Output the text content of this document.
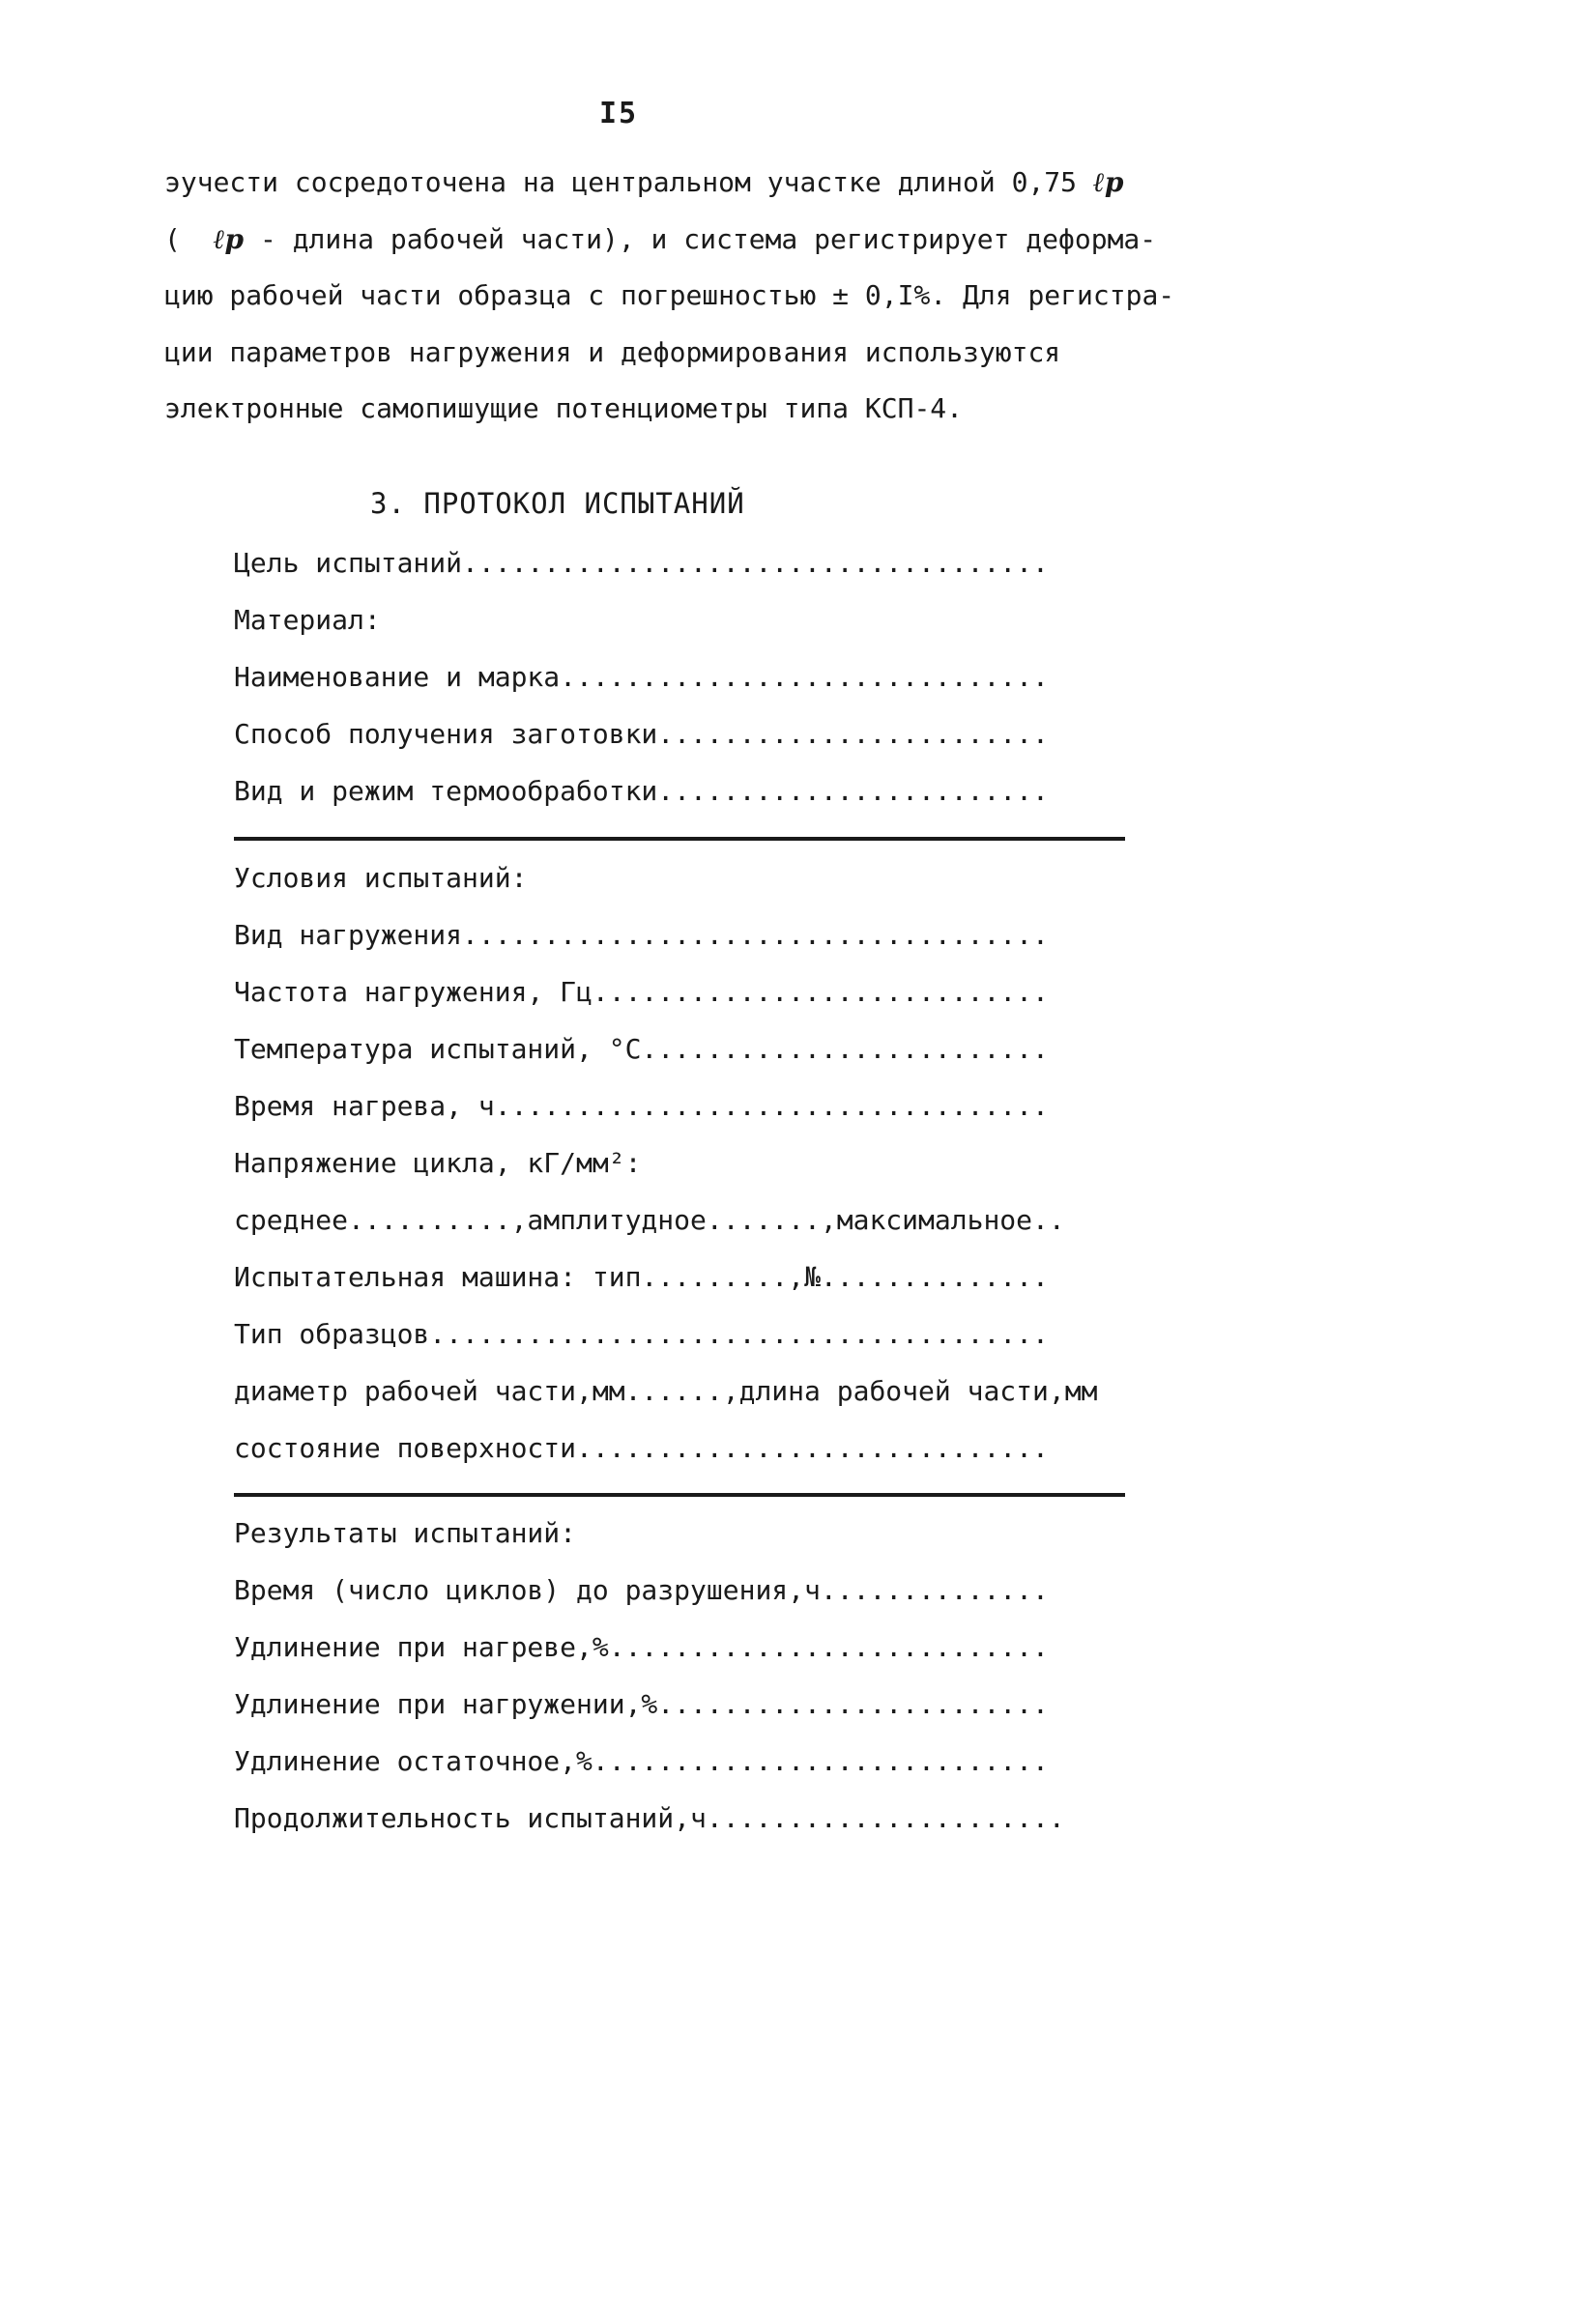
I5
эучести сосредоточена на центральном участке длиной 0,75 ℓp
(  ℓp - длина рабочей части), и система регистрирует деформа-
цию рабочей части образца с погрешностью ± 0,I%. Для регистра-
ции параметров нагружения и деформирования используются
электронные самопишущие потенциометры типа КСП-4.
3. ПРОТОКОЛ ИСПЫТАНИЙ
Цель испытаний....................................
Материал:
Наименование и марка..............................
Способ получения заготовки........................
Вид и режим термообработки........................
Условия испытаний:
Вид нагружения....................................
Частота нагружения, Гц............................
Температура испытаний, °С.........................
Время нагрева, ч..................................
Напряжение цикла, кГ/мм²:
среднее..........,амплитудное.......,максимальное..
Испытательная машина: тип.........,№..............
Тип образцов......................................
диаметр рабочей части,мм......,длина рабочей части,мм
состояние поверхности.............................
Результаты испытаний:
Время (число циклов) до разрушения,ч..............
Удлинение при нагреве,%...........................
Удлинение при нагружении,%........................
Удлинение остаточное,%............................
Продолжительность испытаний,ч......................
